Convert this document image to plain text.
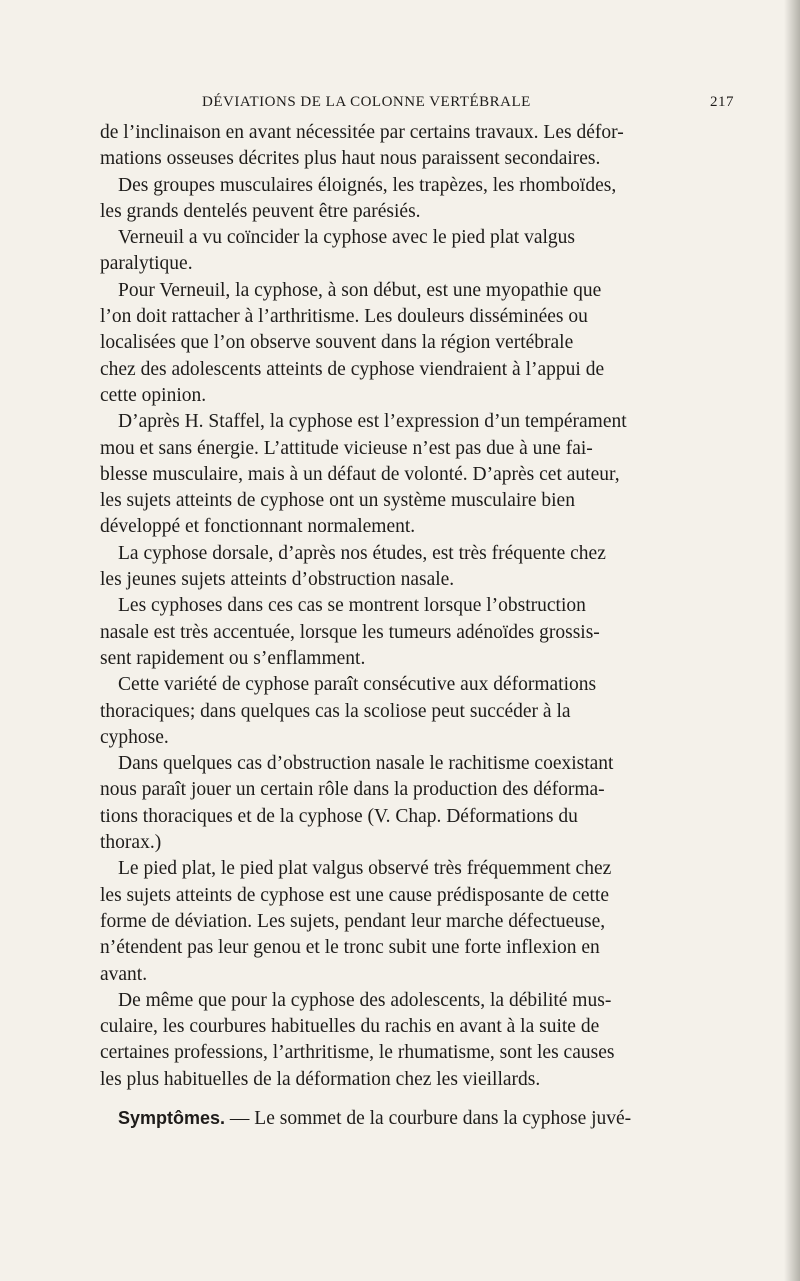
DÉVIATIONS DE LA COLONNE VERTÉBRALE	217
de l’inclinaison en avant nécessitée par certains travaux. Les défor-
mations osseuses décrites plus haut nous paraissent secondaires.
Des groupes musculaires éloignés, les trapèzes, les rhomboïdes,
les grands dentelés peuvent être parésiés.
Verneuil a vu coïncider la cyphose avec le pied plat valgus
paralytique.
Pour Verneuil, la cyphose, à son début, est une myopathie que
l’on doit rattacher à l’arthritisme. Les douleurs disséminées ou
localisées que l’on observe souvent dans la région vertébrale
chez des adolescents atteints de cyphose viendraient à l’appui de
cette opinion.
D’après H. Staffel, la cyphose est l’expression d’un tempérament
mou et sans énergie. L’attitude vicieuse n’est pas due à une fai-
blesse musculaire, mais à un défaut de volonté. D’après cet auteur,
les sujets atteints de cyphose ont un système musculaire bien
développé et fonctionnant normalement.
La cyphose dorsale, d’après nos études, est très fréquente chez
les jeunes sujets atteints d’obstruction nasale.
Les cyphoses dans ces cas se montrent lorsque l’obstruction
nasale est très accentuée, lorsque les tumeurs adénoïdes grossis-
sent rapidement ou s’enflamment.
Cette variété de cyphose paraît consécutive aux déformations
thoraciques; dans quelques cas la scoliose peut succéder à la
cyphose.
Dans quelques cas d’obstruction nasale le rachitisme coexistant
nous paraît jouer un certain rôle dans la production des déforma-
tions thoraciques et de la cyphose (V. Chap. Déformations du
thorax.)
Le pied plat, le pied plat valgus observé très fréquemment chez
les sujets atteints de cyphose est une cause prédisposante de cette
forme de déviation. Les sujets, pendant leur marche défectueuse,
n’étendent pas leur genou et le tronc subit une forte inflexion en
avant.
De même que pour la cyphose des adolescents, la débilité mus-
culaire, les courbures habituelles du rachis en avant à la suite de
certaines professions, l’arthritisme, le rhumatisme, sont les causes
les plus habituelles de la déformation chez les vieillards.
Symptômes. — Le sommet de la courbure dans la cyphose juvé-
